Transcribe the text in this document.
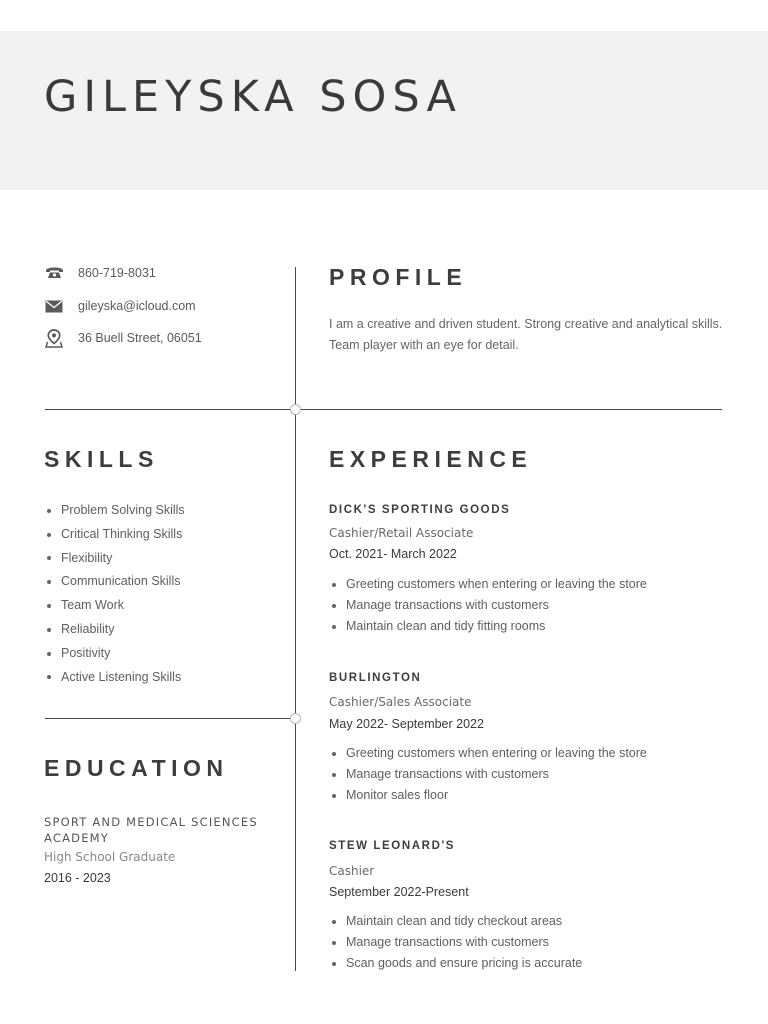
GILEYSKA SOSA
860-719-8031
gileyska@icloud.com
36 Buell Street, 06051
PROFILE

I am a creative and driven student. Strong creative and analytical skills. Team player with an eye for detail.

SKILLS
Problem Solving Skills
Critical Thinking Skills
Flexibility
Communication Skills
Team Work
Reliability
Positivity
Active Listening Skills
EDUCATION
SPORT AND MEDICAL SCIENCES ACADEMY
High School Graduate
2016 - 2023
EXPERIENCE
DICK'S SPORTING GOODS
Cashier/Retail Associate
Oct. 2021- March 2022
Greeting customers when entering or leaving the store
Manage transactions with customers
Maintain clean and tidy fitting rooms
BURLINGTON
Cashier/Sales Associate
May 2022- September 2022
Greeting customers when entering or leaving the store
Manage transactions with customers
Monitor sales floor
STEW LEONARD'S
Cashier
September 2022-Present
Maintain clean and tidy checkout areas
Manage transactions with customers
Scan goods and ensure pricing is accurate
